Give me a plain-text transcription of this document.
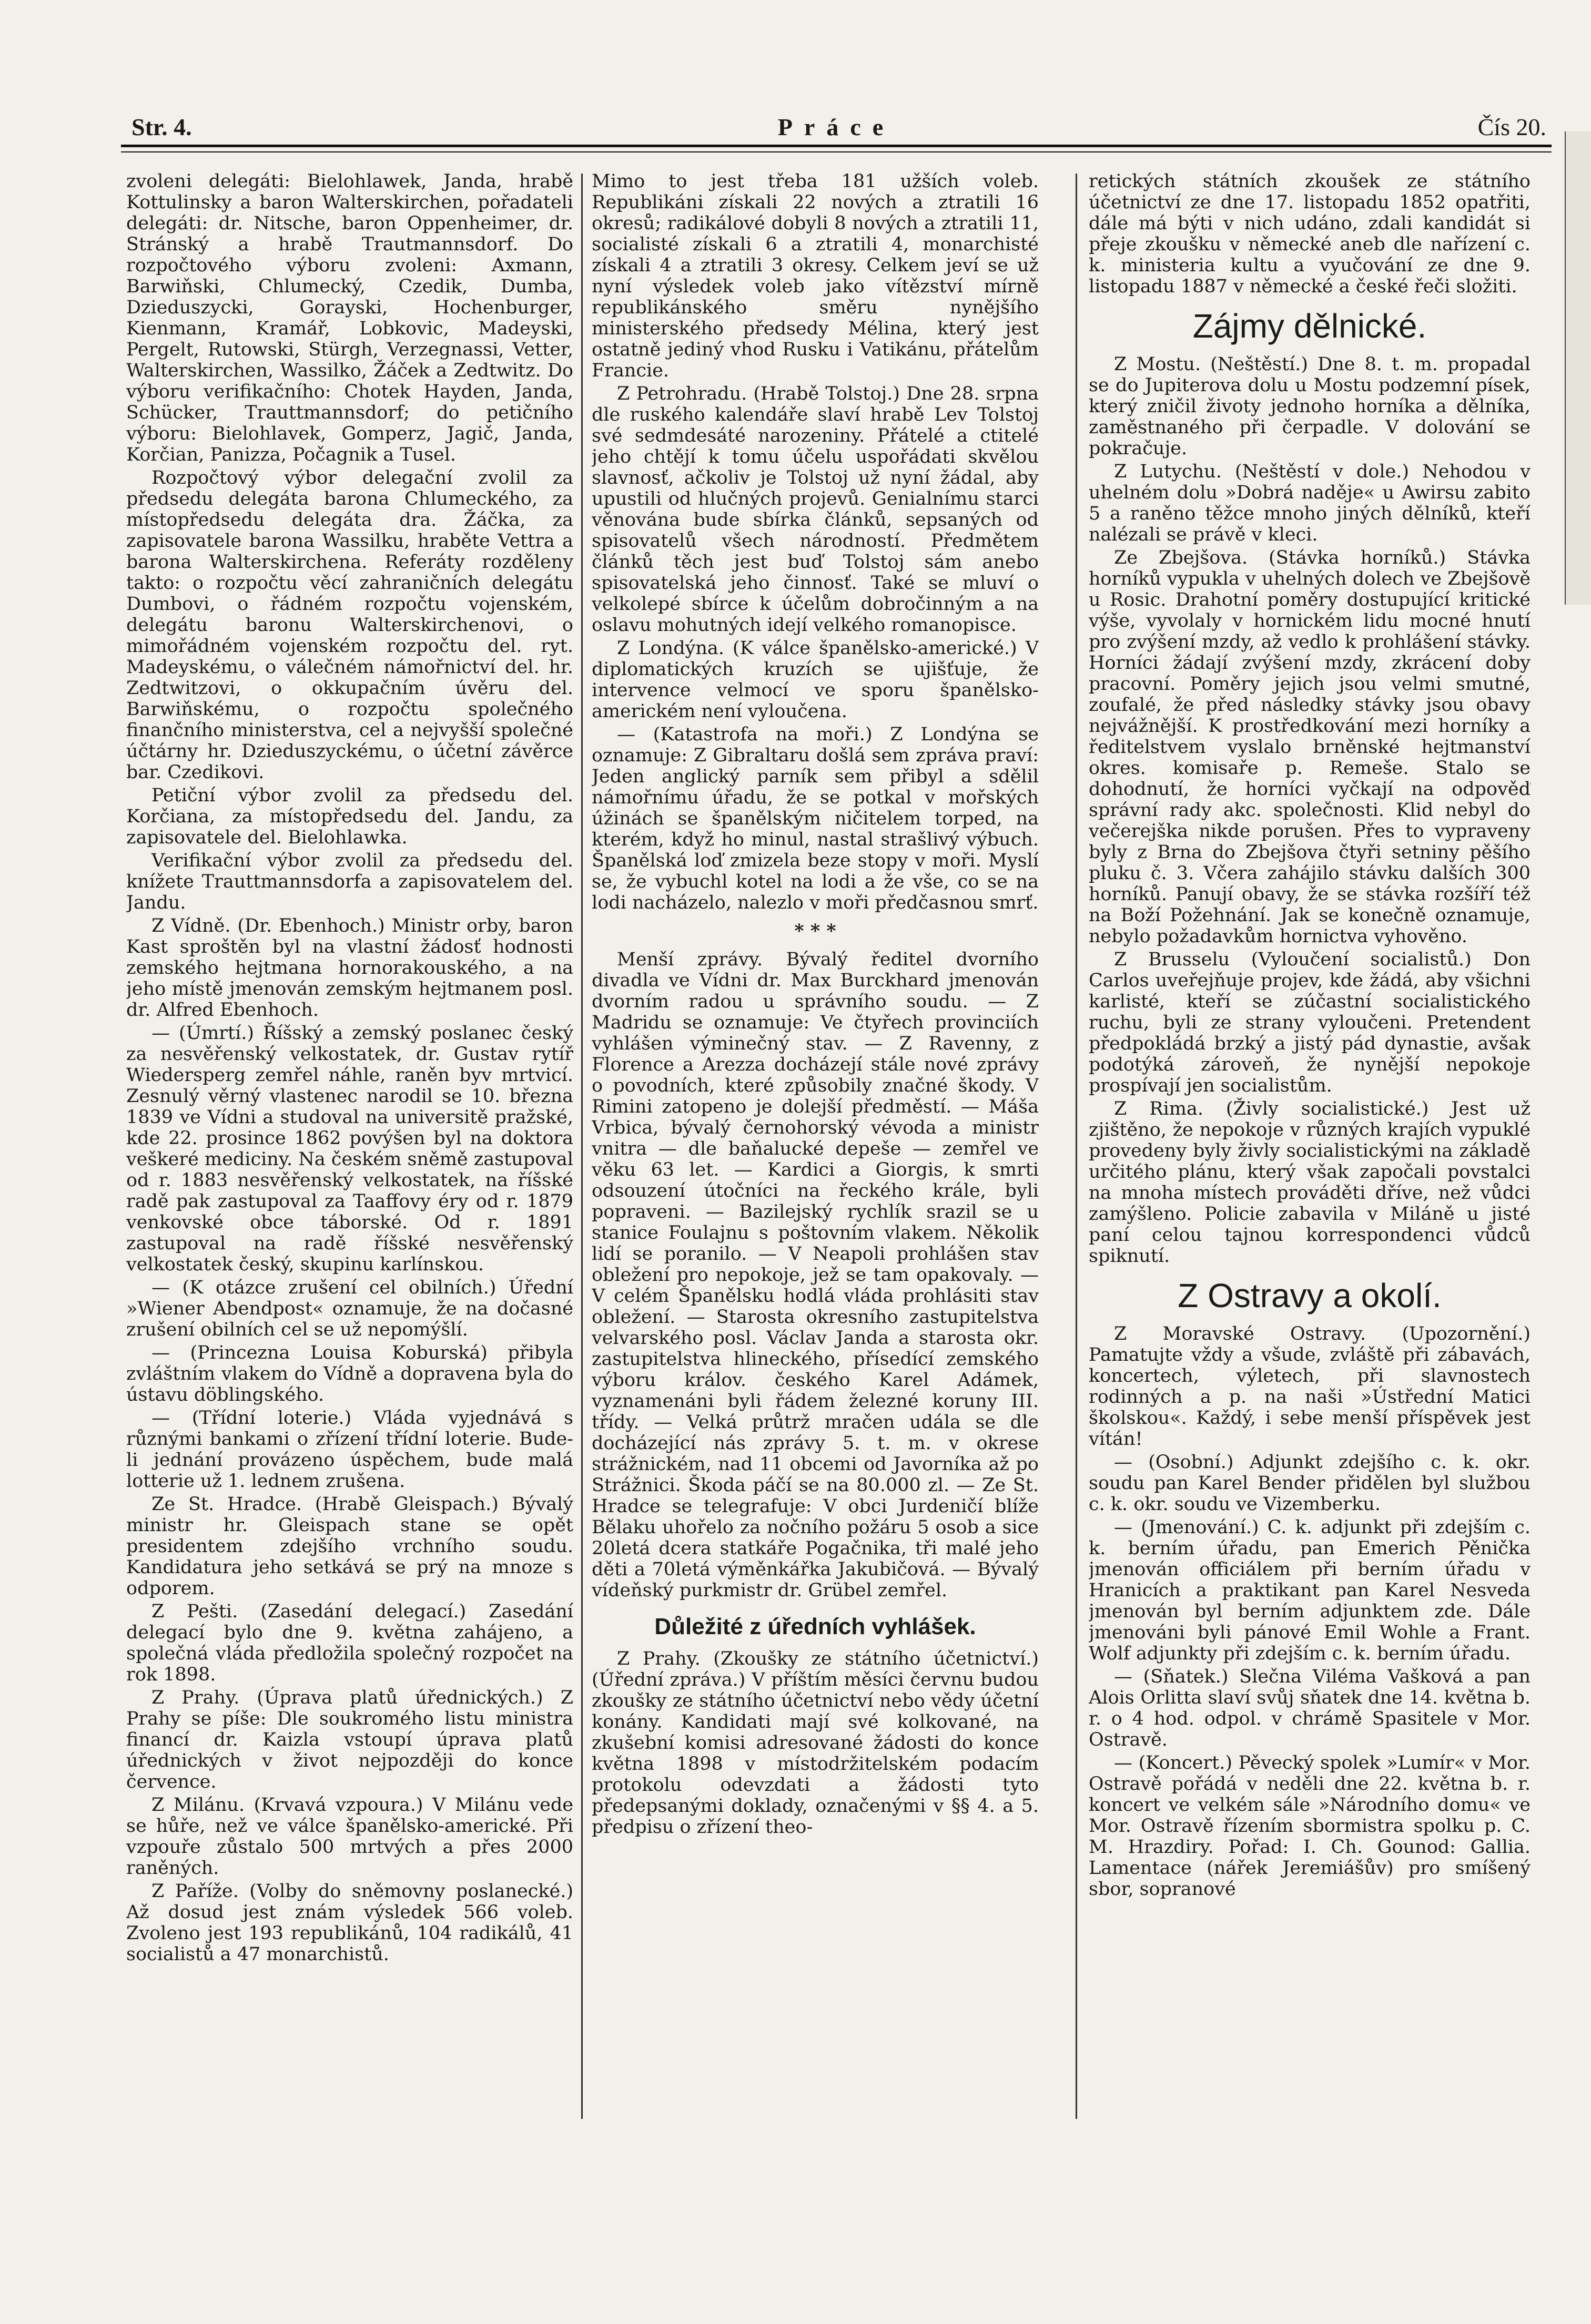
Str. 4.	Práce	Čís 20.

zvoleni delegáti: Bielohlawek, Janda, hrabě Kottulinsky a baron Walterskirchen, pořadateli delegáti: dr. Nitsche, baron Oppenheimer, dr. Stránský a hrabě Trautmannsdorf. Do rozpočtového výboru zvoleni: Axmann, Barwiňski, Chlumecký, Czedik, Dumba, Dzieduszycki, Gorayski, Hochenburger, Kienmann, Kramář, Lobkovic, Madeyski, Pergelt, Rutowski, Stürgh, Verzegnassi, Vetter, Walterskirchen, Wassilko, Žáček a Zedtwitz. Do výboru verifikačního: Chotek Hayden, Janda, Schücker, Trauttmannsdorf; do petičního výboru: Bielohlavek, Gomperz, Jagič, Janda, Korčian, Panizza, Počagnik a Tusel.

Rozpočtový výbor delegační zvolil za předsedu delegáta barona Chlumeckého, za místopředsedu delegáta dra. Žáčka, za zapisovatele barona Wassilku, hraběte Vettra a barona Walterskirchena. Referáty rozděleny takto: o rozpočtu věcí zahraničních delegátu Dumbovi, o řádném rozpočtu vojenském, delegátu baronu Walterskirchenovi, o mimořádném vojenském rozpočtu del. ryt. Madeyskému, o válečném námořnictví del. hr. Zedtwitzovi, o okkupačním úvěru del. Barwiňskému, o rozpočtu společného finančního ministerstva, cel a nejvyšší společné účtárny hr. Dzieduszyckému, o účetní závěrce bar. Czedikovi.

Petiční výbor zvolil za předsedu del. Korčiana, za místopředsedu del. Jandu, za zapisovatele del. Bielohlawka.

Verifikační výbor zvolil za předsedu del. knížete Trauttmannsdorfa a zapisovatelem del. Jandu.

Z Vídně. (Dr. Ebenhoch.) Ministr orby, baron Kast sproštěn byl na vlastní žádosť hodnosti zemského hejtmana hornorakouského, a na jeho místě jmenován zemským hejtmanem posl. dr. Alfred Ebenhoch.

— (Úmrtí.) Říšský a zemský poslanec český za nesvěřenský velkostatek, dr. Gustav rytíř Wiedersperg zemřel náhle, raněn byv mrtvicí. Zesnulý věrný vlastenec narodil se 10. března 1839 ve Vídni a studoval na universitě pražské, kde 22. prosince 1862 povýšen byl na doktora veškeré mediciny. Na českém sněmě zastupoval od r. 1883 nesvěřenský velkostatek, na říšské radě pak zastupoval za Taaffovy éry od r. 1879 venkovské obce táborské. Od r. 1891 zastupoval na radě říšské nesvěřenský velkostatek český, skupinu karlínskou.

— (K otázce zrušení cel obilních.) Úřední »Wiener Abendpost« oznamuje, že na dočasné zrušení obilních cel se už nepomýšlí.

— (Princezna Louisa Koburská) přibyla zvláštním vlakem do Vídně a dopravena byla do ústavu döblingského.

— (Třídní loterie.) Vláda vyjednává s různými bankami o zřízení třídní loterie. Bude-li jednání provázeno úspěchem, bude malá lotterie už 1. lednem zrušena.

Ze St. Hradce. (Hrabě Gleispach.) Bývalý ministr hr. Gleispach stane se opět presidentem zdejšího vrchního soudu. Kandidatura jeho setkává se prý na mnoze s odporem.

Z Pešti. (Zasedání delegací.) Zasedání delegací bylo dne 9. května zahájeno, a společná vláda předložila společný rozpočet na rok 1898.

Z Prahy. (Úprava platů úřednických.) Z Prahy se píše: Dle soukromého listu ministra financí dr. Kaizla vstoupí úprava platů úřednických v život nejpozději do konce července.

Z Milánu. (Krvavá vzpoura.) V Milánu vede se hůře, než ve válce španělsko-americké. Při vzpouře zůstalo 500 mrtvých a přes 2000 raněných.

Z Paříže. (Volby do sněmovny poslanecké.) Až dosud jest znám výsledek 566 voleb. Zvoleno jest 193 republikánů, 104 radikálů, 41 socialistů a 47 monarchistů.

Mimo to jest třeba 181 užších voleb. Republikáni získali 22 nových a ztratili 16 okresů; radikálové dobyli 8 nových a ztratili 11, socialisté získali 6 a ztratili 4, monarchisté získali 4 a ztratili 3 okresy. Celkem jeví se už nyní výsledek voleb jako vítězství mírně republikánského směru nynějšího ministerského předsedy Mélina, který jest ostatně jediný vhod Rusku i Vatikánu, přátelům Francie.

Z Petrohradu. (Hrabě Tolstoj.) Dne 28. srpna dle ruského kalendáře slaví hrabě Lev Tolstoj své sedmdesáté narozeniny. Přátelé a ctitelé jeho chtějí k tomu účelu uspořádati skvělou slavnosť, ačkoliv je Tolstoj už nyní žádal, aby upustili od hlučných projevů. Genialnímu starci věnována bude sbírka článků, sepsaných od spisovatelů všech národností. Předmětem článků těch jest buď Tolstoj sám anebo spisovatelská jeho činnosť. Také se mluví o velkolepé sbírce k účelům dobročinným a na oslavu mohutných idejí velkého romanopisce.

Z Londýna. (K válce španělsko-americké.) V diplomatických kruzích se ujišťuje, že intervence velmocí ve sporu španělsko-americkém není vyloučena.

— (Katastrofa na moři.) Z Londýna se oznamuje: Z Gibraltaru došlá sem zpráva praví: Jeden anglický parník sem přibyl a sdělil námořnímu úřadu, že se potkal v mořských úžinách se španělským ničitelem torped, na kterém, když ho minul, nastal strašlivý výbuch. Španělská loď zmizela beze stopy v moři. Myslí se, že vybuchl kotel na lodi a že vše, co se na lodi nacházelo, nalezlo v moři předčasnou smrť.

* * *

Menší zprávy. Bývalý ředitel dvorního divadla ve Vídni dr. Max Burckhard jmenován dvorním radou u správního soudu. — Z Madridu se oznamuje: Ve čtyřech provinciích vyhlášen výminečný stav. — Z Ravenny, z Florence a Arezza docházejí stále nové zprávy o povodních, které způsobily značné škody. V Rimini zatopeno je dolejší předměstí. — Máša Vrbica, bývalý černohorský vévoda a ministr vnitra — dle baňalucké depeše — zemřel ve věku 63 let. — Kardici a Giorgis, k smrti odsouzení útočníci na řeckého krále, byli popraveni. — Bazilejský rychlík srazil se u stanice Foulajnu s poštovním vlakem. Několik lidí se poranilo. — V Neapoli prohlášen stav obležení pro nepokoje, jež se tam opakovaly. — V celém Španělsku hodlá vláda prohlásiti stav obležení. — Starosta okresního zastupitelstva velvarského posl. Václav Janda a starosta okr. zastupitelstva hlineckého, přísedící zemského výboru králov. českého Karel Adámek, vyznamenáni byli řádem železné koruny III. třídy. — Velká průtrž mračen udála se dle docházející nás zprávy 5. t. m. v okrese strážnickém, nad 11 obcemi od Javorníka až po Strážnici. Škoda páčí se na 80.000 zl. — Ze St. Hradce se telegrafuje: V obci Jurdeničí blíže Bělaku uhořelo za nočního požáru 5 osob a sice 20letá dcera statkáře Pogačnika, tři malé jeho děti a 70letá výměnkářka Jakubičová. — Bývalý vídeňský purkmistr dr. Grübel zemřel.

Důležité z úředních vyhlášek.

Z Prahy. (Zkoušky ze státního účetnictví.) (Úřední zpráva.) V příštím měsíci červnu budou zkoušky ze státního účetnictví nebo vědy účetní konány. Kandidati mají své kolkované, na zkušební komisi adresované žádosti do konce května 1898 v místodržitelském podacím protokolu odevzdati a žádosti tyto předepsanými doklady, označenými v §§ 4. a 5. předpisu o zřízení theo-

retických státních zkoušek ze státního účetnictví ze dne 17. listopadu 1852 opatřiti, dále má býti v nich udáno, zdali kandidát si přeje zkoušku v německé aneb dle nařízení c. k. ministeria kultu a vyučování ze dne 9. listopadu 1887 v německé a české řeči složiti.

Zájmy dělnické.

Z Mostu. (Neštěstí.) Dne 8. t. m. propadal se do Jupiterova dolu u Mostu podzemní písek, který zničil životy jednoho horníka a dělníka, zaměstnaného při čerpadle. V dolování se pokračuje.

Z Lutychu. (Neštěstí v dole.) Nehodou v uhelném dolu »Dobrá naděje« u Awirsu zabito 5 a raněno těžce mnoho jiných dělníků, kteří nalézali se právě v kleci.

Ze Zbejšova. (Stávka horníků.) Stávka horníků vypukla v uhelných dolech ve Zbejšově u Rosic. Drahotní poměry dostupující kritické výše, vyvolaly v hornickém lidu mocné hnutí pro zvýšení mzdy, až vedlo k prohlášení stávky. Horníci žádají zvýšení mzdy, zkrácení doby pracovní. Poměry jejich jsou velmi smutné, zoufalé, že před následky stávky jsou obavy nejvážnější. K prostředkování mezi horníky a ředitelstvem vyslalo brněnské hejtmanství okres. komisaře p. Remeše. Stalo se dohodnutí, že horníci vyčkají na odpověď správní rady akc. společnosti. Klid nebyl do večerejška nikde porušen. Přes to vypraveny byly z Brna do Zbejšova čtyři setniny pěšího pluku č. 3. Včera zahájilo stávku dalších 300 horníků. Panují obavy, že se stávka rozšíří též na Boží Požehnání. Jak se konečně oznamuje, nebylo požadavkům hornictva vyhověno.

Z Brusselu (Vyloučení socialistů.) Don Carlos uveřejňuje projev, kde žádá, aby všichni karlisté, kteří se zúčastní socialistického ruchu, byli ze strany vyloučeni. Pretendent předpokládá brzký a jistý pád dynastie, avšak podotýká zároveň, že nynější nepokoje prospívají jen socialistům.

Z Rima. (Živly socialistické.) Jest už zjištěno, že nepokoje v různých krajích vypuklé provedeny byly živly socialistickými na základě určitého plánu, který však započali povstalci na mnoha místech prováděti dříve, než vůdci zamýšleno. Policie zabavila v Miláně u jisté paní celou tajnou korrespondenci vůdců spiknutí.

Z Ostravy a okolí.

Z Moravské Ostravy. (Upozornění.) Pamatujte vždy a všude, zvláště při zábavách, koncertech, výletech, při slavnostech rodinných a p. na naši »Ústřední Matici školskou«. Každý, i sebe menší příspěvek jest vítán!

— (Osobní.) Adjunkt zdejšího c. k. okr. soudu pan Karel Bender přidělen byl službou c. k. okr. soudu ve Vizemberku.

— (Jmenování.) C. k. adjunkt při zdejším c. k. berním úřadu, pan Emerich Pěnička jmenován officiálem při berním úřadu v Hranicích a praktikant pan Karel Nesveda jmenován byl berním adjunktem zde. Dále jmenováni byli pánové Emil Wohle a Frant. Wolf adjunkty při zdejším c. k. berním úřadu.

— (Sňatek.) Slečna Viléma Vašková a pan Alois Orlitta slaví svůj sňatek dne 14. května b. r. o 4 hod. odpol. v chrámě Spasitele v Mor. Ostravě.

— (Koncert.) Pěvecký spolek »Lumír« v Mor. Ostravě pořádá v neděli dne 22. května b. r. koncert ve velkém sále »Národního domu« ve Mor. Ostravě řízením sbormistra spolku p. C. M. Hrazdiry. Pořad: I. Ch. Gounod: Gallia. Lamentace (nářek Jeremiášův) pro smíšený sbor, sopranové
